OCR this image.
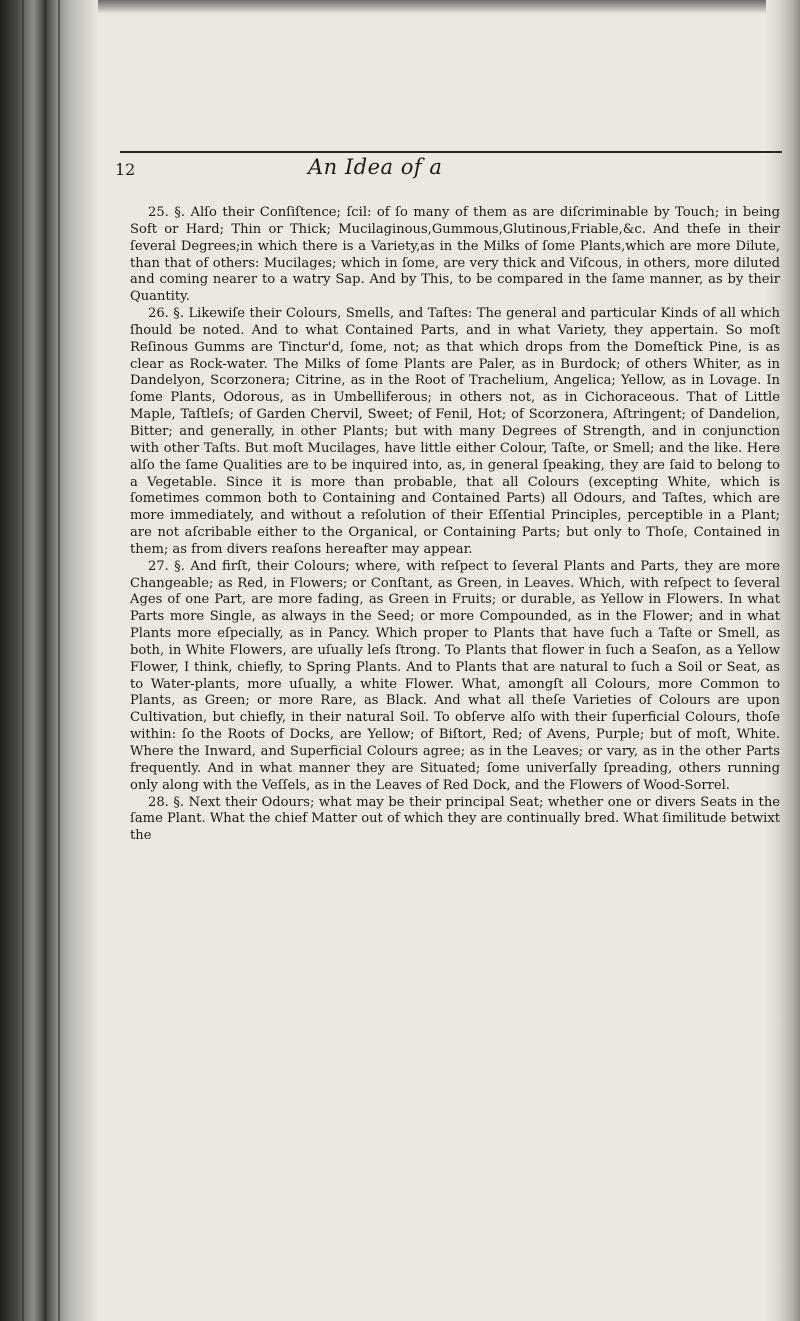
12	An Idea of a

25. §. Alſo their Conſiſtence; ſcil: of ſo many of them as are diſcriminable by Touch; in being Soft or Hard; Thin or Thick; Mucilaginous,Gummous,Glutinous,Friable,&c. And theſe in their ſeveral Degrees;in which there is a Variety,as in the Milks of ſome Plants,which are more Dilute, than that of others: Mucilages; which in ſome, are very thick and Viſcous, in others, more diluted and coming nearer to a watry Sap. And by This, to be compared in the ſame manner, as by their Quantity.

26. §. Likewiſe their Colours, Smells, and Taſtes: The general and particular Kinds of all which ſhould be noted. And to what Contained Parts, and in what Variety, they appertain. So moſt Reſinous Gumms are Tinctur'd, ſome, not; as that which drops from the Domeſtick Pine, is as clear as Rock-water. The Milks of ſome Plants are Paler, as in Burdock; of others Whiter, as in Dandelyon, Scorzonera; Citrine, as in the Root of Trachelium, Angelica; Yellow, as in Lovage. In ſome Plants, Odorous, as in Umbelliferous; in others not, as in Cichoraceous. That of Little Maple, Taſtleſs; of Garden Chervil, Sweet; of Fenil, Hot; of Scorzonera, Aſtringent; of Dandelion, Bitter; and generally, in other Plants; but with many Degrees of Strength, and in conjunction with other Taſts. But moſt Mucilages, have little either Colour, Taſte, or Smell; and the like. Here alſo the ſame Qualities are to be inquired into, as, in general ſpeaking, they are ſaid to belong to a Vegetable. Since it is more than probable, that all Colours (excepting White, which is ſometimes common both to Containing and Contained Parts) all Odours, and Taſtes, which are more immediately, and without a reſolution of their Eſſential Principles, perceptible in a Plant; are not aſcribable either to the Organical, or Containing Parts; but only to Thoſe, Contained in them; as from divers reaſons hereafter may appear.

27. §. And firſt, their Colours; where, with reſpect to ſeveral Plants and Parts, they are more Changeable; as Red, in Flowers; or Conſtant, as Green, in Leaves. Which, with reſpect to ſeveral Ages of one Part, are more fading, as Green in Fruits; or durable, as Yellow in Flowers. In what Parts more Single, as always in the Seed; or more Compounded, as in the Flower; and in what Plants more eſpecially, as in Pancy. Which proper to Plants that have ſuch a Taſte or Smell, as both, in White Flowers, are uſually leſs ſtrong. To Plants that flower in ſuch a Seaſon, as a Yellow Flower, I think, chiefly, to Spring Plants. And to Plants that are natural to ſuch a Soil or Seat, as to Water-plants, more uſually, a white Flower. What, amongſt all Colours, more Common to Plants, as Green; or more Rare, as Black. And what all theſe Varieties of Colours are upon Cultivation, but chiefly, in their natural Soil. To obſerve alſo with their ſuperficial Colours, thoſe within: ſo the Roots of Docks, are Yellow; of Biſtort, Red; of Avens, Purple; but of moſt, White. Where the Inward, and Superficial Colours agree; as in the Leaves; or vary, as in the other Parts frequently. And in what manner they are Situated; ſome univerſally ſpreading, others running only along with the Veſſels, as in the Leaves of Red Dock, and the Flowers of Wood-Sorrel.

28. §. Next their Odours; what may be their principal Seat; whether one or divers Seats in the ſame Plant. What the chief Matter out of which they are continually bred. What ſimilitude betwixt the
